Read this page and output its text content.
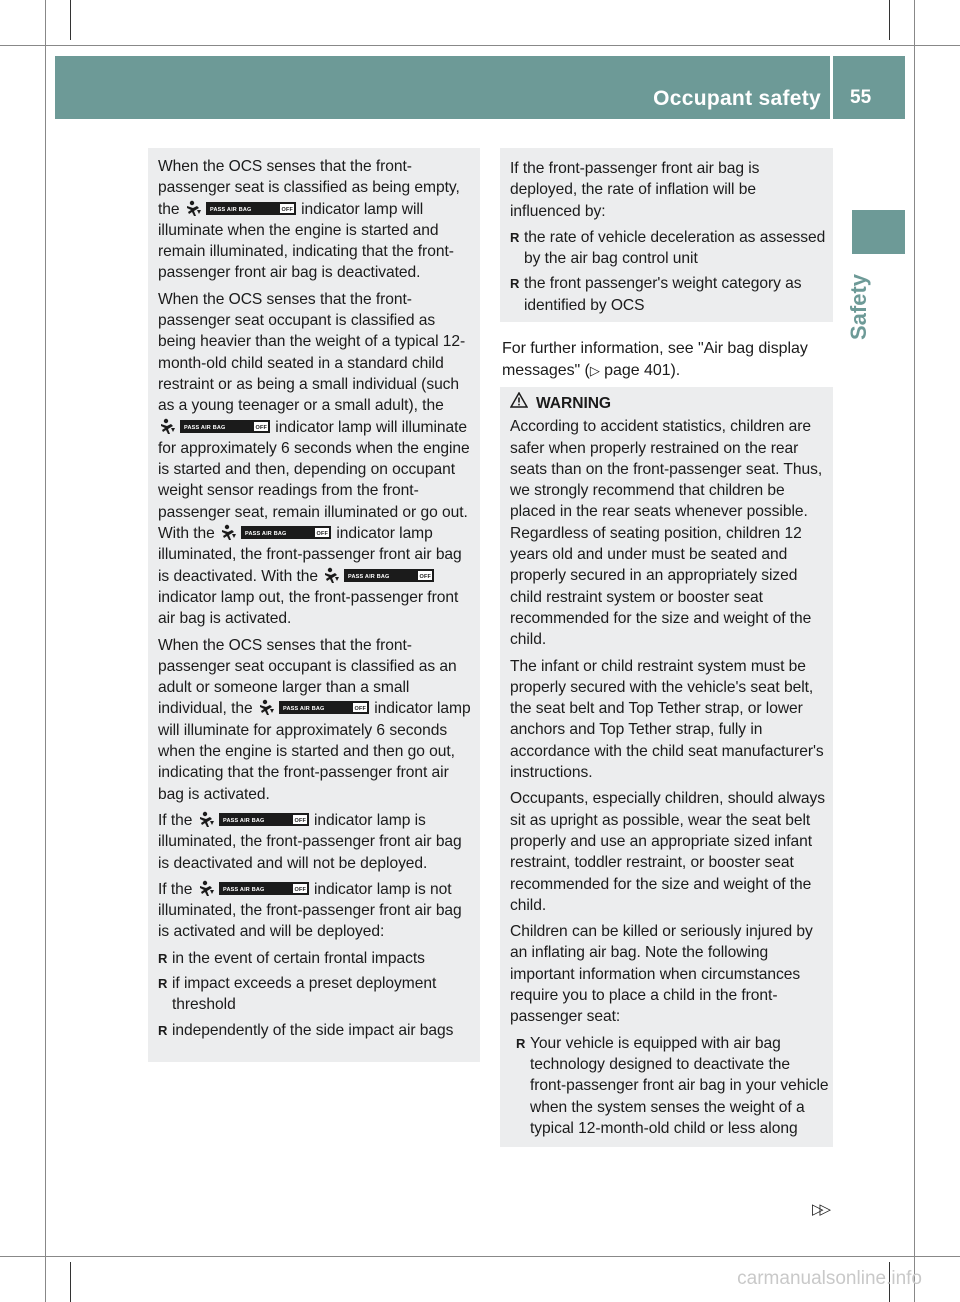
Occupant safety 55
Safety

When the OCS senses that the front-passenger seat is classified as being empty, the	PASS AIR BAG	OFF indicator lamp will illuminate when the engine is started and remain illuminated, indicating that the front-passenger front air bag is deactivated.

When the OCS senses that the front-passenger seat occupant is classified as being heavier than the weight of a typical 12-month-old child seated in a standard child restraint or as being a small individual (such as a young teenager or a small adult), the
PASS AIR BAG	OFF indicator lamp will illuminate for approximately 6 seconds when the engine is started and then, depending on occupant weight sensor readings from the front-passenger seat, remain illuminated or go out. With the	PASS AIR BAG	OFF indicator lamp illuminated, the front-passenger front air bag is deactivated. With the	PASS AIR BAG	OFF
indicator lamp out, the front-passenger front air bag is activated.

When the OCS senses that the front-passenger seat occupant is classified as an adult or someone larger than a small individual, the	PASS AIR BAG	OFF indicator lamp will illuminate for approximately 6 seconds when the engine is started and then go out, indicating that the front-passenger front air bag is activated.

If the	PASS AIR BAG	OFF indicator lamp is illuminated, the front-passenger front air bag is deactivated and will not be deployed.

If the	PASS AIR BAG	OFF indicator lamp is not illuminated, the front-passenger front air bag is activated and will be deployed:

R in the event of certain frontal impacts
R if impact exceeds a preset deployment threshold
R independently of the side impact air bags

If the front-passenger front air bag is deployed, the rate of inflation will be influenced by:

R the rate of vehicle deceleration as assessed by the air bag control unit
R the front passenger's weight category as identified by OCS
For further information, see "Air bag display messages" (▷ page 401).
WARNING

According to accident statistics, children are safer when properly restrained on the rear seats than on the front-passenger seat. Thus, we strongly recommend that children be placed in the rear seats whenever possible. Regardless of seating position, children 12 years old and under must be seated and properly secured in an appropriately sized child restraint system or booster seat recommended for the size and weight of the child.

The infant or child restraint system must be properly secured with the vehicle's seat belt, the seat belt and Top Tether strap, or lower anchors and Top Tether strap, fully in accordance with the child seat manufacturer's instructions.

Occupants, especially children, should always sit as upright as possible, wear the seat belt properly and use an appropriate sized infant restraint, toddler restraint, or booster seat recommended for the size and weight of the child.

Children can be killed or seriously injured by an inflating air bag. Note the following important information when circumstances require you to place a child in the front-passenger seat:

R Your vehicle is equipped with air bag technology designed to deactivate the front-passenger front air bag in your vehicle when the system senses the weight of a typical 12-month-old child or less along
▷▷
carmanualsonline.info
